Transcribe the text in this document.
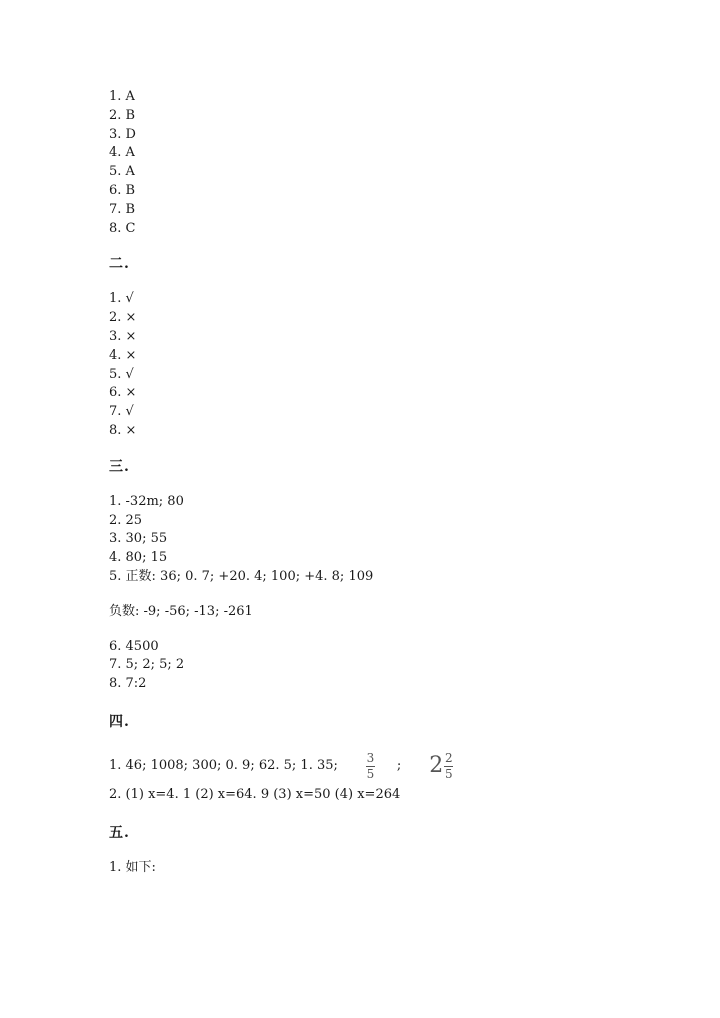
1. A
2. B
3. D
4. A
5. A
6. B
7. B
8. C
二.
1. √
2. ×
3. ×
4. ×
5. √
6. ×
7. √
8. ×
三.
1. -32m; 80
2. 25
3. 30; 55
4. 80; 15
5. 正数: 36; 0. 7; +20. 4; 100; +4. 8; 109
负数: -9; -56; -13; -261
6. 4500
7. 5; 2; 5; 2
8. 7:2
四.
1. 46; 1008; 300; 0. 9; 62. 5; 1. 35; $\frac{3}{5}$ ; $2 \frac{2}{5}$
2. (1) x=4. 1 (2) x=64. 9 (3) x=50 (4) x=264
五.
1. 如下:
